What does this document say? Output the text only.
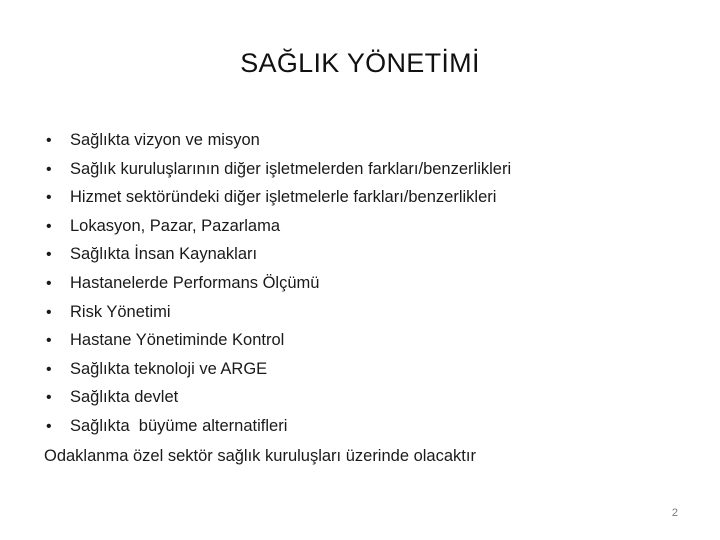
SAĞLIK YÖNETİMİ
•	Sağlıkta vizyon ve misyon
•	Sağlık kuruluşlarının diğer işletmelerden farkları/benzerlikleri
•	Hizmet sektöründeki diğer işletmelerle farkları/benzerlikleri
•	Lokasyon, Pazar, Pazarlama
•	Sağlıkta İnsan Kaynakları
•	Hastanelerde Performans Ölçümü
•	Risk Yönetimi
•	Hastane Yönetiminde Kontrol
•	Sağlıkta teknoloji ve ARGE
•	Sağlıkta devlet
•	Sağlıkta  büyüme alternatifleri
Odaklanma özel sektör sağlık kuruluşları üzerinde olacaktır
2
